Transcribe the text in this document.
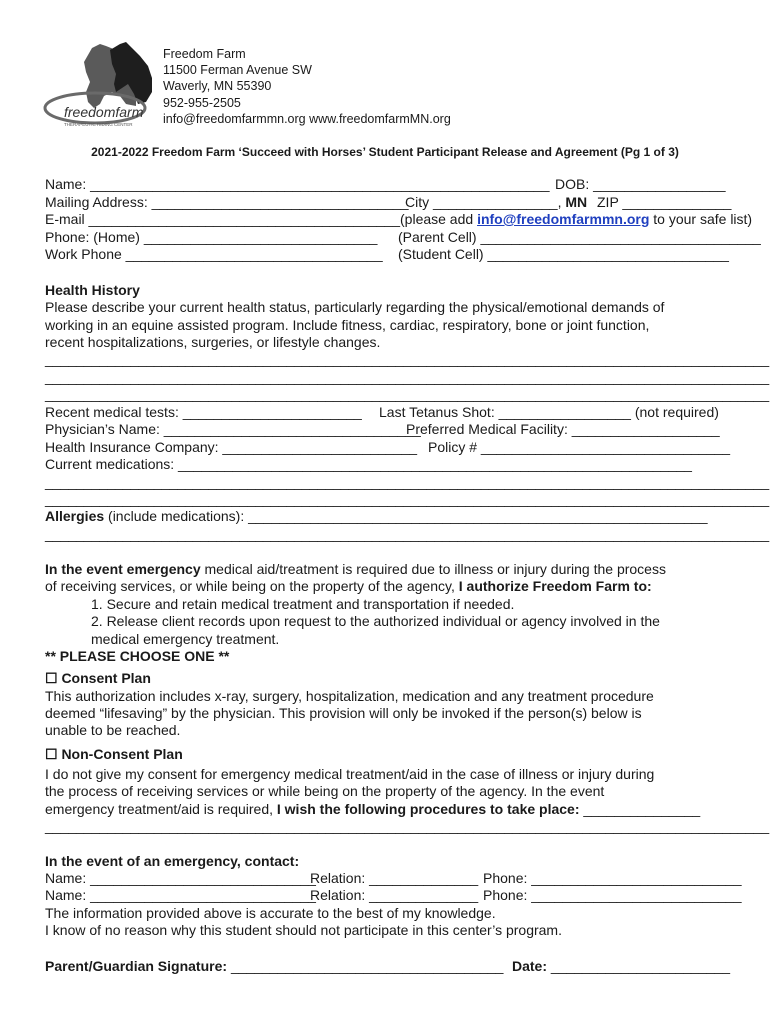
freedomfarm
THERAPEUTIC RIDING CENTER
Freedom Farm
11500 Ferman Avenue SW
Waverly, MN 55390
952-955-2505
info@freedomfarmmn.org www.freedomfarmMN.org
2021-2022 Freedom Farm ‘Succeed with Horses’ Student Participant Release and Agreement (Pg 1 of 3)
Name: ___________________________________________________________ DOB: _________________
Mailing Address: _________________________________
City ________________, MN ZIP ______________
E-mail ________________________________________(please add info@freedomfarmmn.org to your safe list)
Phone: (Home) ______________________________ (Parent Cell) ____________________________________
Work Phone _________________________________ (Student Cell) _______________________________
Health History
Please describe your current health status, particularly regarding the physical/emotional demands of
working in an equine assisted program. Include fitness, cardiac, respiratory, bone or joint function,
recent hospitalizations, surgeries, or lifestyle changes.
_____________________________________________________________________________________________
_____________________________________________________________________________________________
_____________________________________________________________________________________________
Recent medical tests: _______________________ Last Tetanus Shot: _________________ (not required)
Physician’s Name: _________________________________
Preferred Medical Facility: ___________________
Health Insurance Company: _________________________ Policy # ________________________________
Current medications: __________________________________________________________________
_____________________________________________________________________________________________
_____________________________________________________________________________________________
Allergies (include medications): ___________________________________________________________
_____________________________________________________________________________________________
In the event emergency medical aid/treatment is required due to illness or injury during the process
of receiving services, or while being on the property of the agency, I authorize Freedom Farm to:
1. Secure and retain medical treatment and transportation if needed.
2. Release client records upon request to the authorized individual or agency involved in the
medical emergency treatment.
** PLEASE CHOOSE ONE **
☐ Consent Plan
This authorization includes x-ray, surgery, hospitalization, medication and any treatment procedure
deemed “lifesaving” by the physician. This provision will only be invoked if the person(s) below is
unable to be reached.
☐ Non-Consent Plan
I do not give my consent for emergency medical treatment/aid in the case of illness or injury during
the process of receiving services or while being on the property of the agency. In the event
emergency treatment/aid is required, I wish the following procedures to take place: _______________
_____________________________________________________________________________________________
In the event of an emergency, contact:
Name: _____________________________
Relation: ______________ Phone: ___________________________
Name: _____________________________
Relation: ______________ Phone: ___________________________
The information provided above is accurate to the best of my knowledge.
I know of no reason why this student should not participate in this center’s program.
Parent/Guardian Signature: ___________________________________ Date: _______________________
